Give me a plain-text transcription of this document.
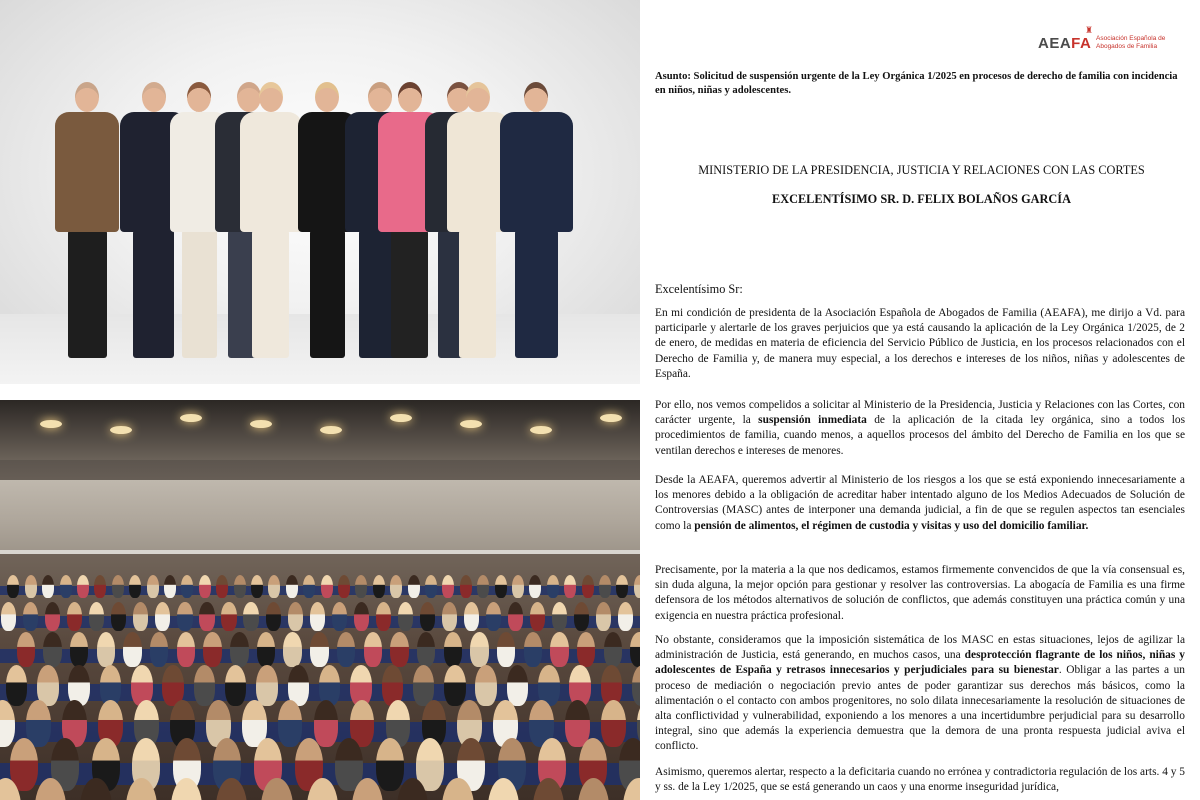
AEAFA
♜
Asociación Española de Abogados de Familia
Asunto: Solicitud de suspensión urgente de la Ley Orgánica 1/2025 en procesos de derecho de familia con incidencia en niños, niñas y adolescentes.
MINISTERIO DE LA PRESIDENCIA, JUSTICIA Y RELACIONES CON LAS CORTES
EXCELENTÍSIMO SR. D. FELIX BOLAÑOS GARCÍA
Excelentísimo Sr:

En mi condición de presidenta de la Asociación Española de Abogados de Familia (AEAFA), me dirijo a Vd. para participarle y alertarle de los graves perjuicios que ya está causando la aplicación de la Ley Orgánica 1/2025, de 2 de enero, de medidas en materia de eficiencia del Servicio Público de Justicia, en los procesos relacionados con el Derecho de Familia y, de manera muy especial, a los derechos e intereses de los niños, niñas y adolescentes de España.

Por ello, nos vemos compelidos a solicitar al Ministerio de la Presidencia, Justicia y Relaciones con las Cortes, con carácter urgente, la suspensión inmediata de la aplicación de la citada ley orgánica, sino a todos los procedimientos de familia, cuando menos, a aquellos procesos del ámbito del Derecho de Familia en los que se ventilan derechos e intereses de menores.

Desde la AEAFA, queremos advertir al Ministerio de los riesgos a los que se está exponiendo innecesariamente a los menores debido a la obligación de acreditar haber intentado alguno de los Medios Adecuados de Solución de Controversias (MASC) antes de interponer una demanda judicial, a fin de que se regulen aspectos tan esenciales como la pensión de alimentos, el régimen de custodia y visitas y uso del domicilio familiar.

Precisamente, por la materia a la que nos dedicamos, estamos firmemente convencidos de que la vía consensual es, sin duda alguna, la mejor opción para gestionar y resolver las controversias. La abogacía de Familia es una firme defensora de los métodos alternativos de solución de conflictos, que además constituyen una práctica común y una exigencia en nuestra práctica profesional.

No obstante, consideramos que la imposición sistemática de los MASC en estas situaciones, lejos de agilizar la administración de Justicia, está generando, en muchos casos, una desprotección flagrante de los niños, niñas y adolescentes de España y retrasos innecesarios y perjudiciales para su bienestar. Obligar a las partes a un proceso de mediación o negociación previo antes de poder garantizar sus derechos más básicos, como la alimentación o el contacto con ambos progenitores, no solo dilata innecesariamente la resolución de situaciones de alta conflictividad y vulnerabilidad, exponiendo a los menores a una incertidumbre perjudicial para su desarrollo integral, sino que además la experiencia demuestra que la demora de una pronta respuesta judicial aviva el conflicto.

Asimismo, queremos alertar, respecto a la deficitaria cuando no errónea y contradictoria regulación de los arts. 4 y 5 y ss. de la Ley 1/2025, que se está generando un caos y una enorme inseguridad jurídica,
